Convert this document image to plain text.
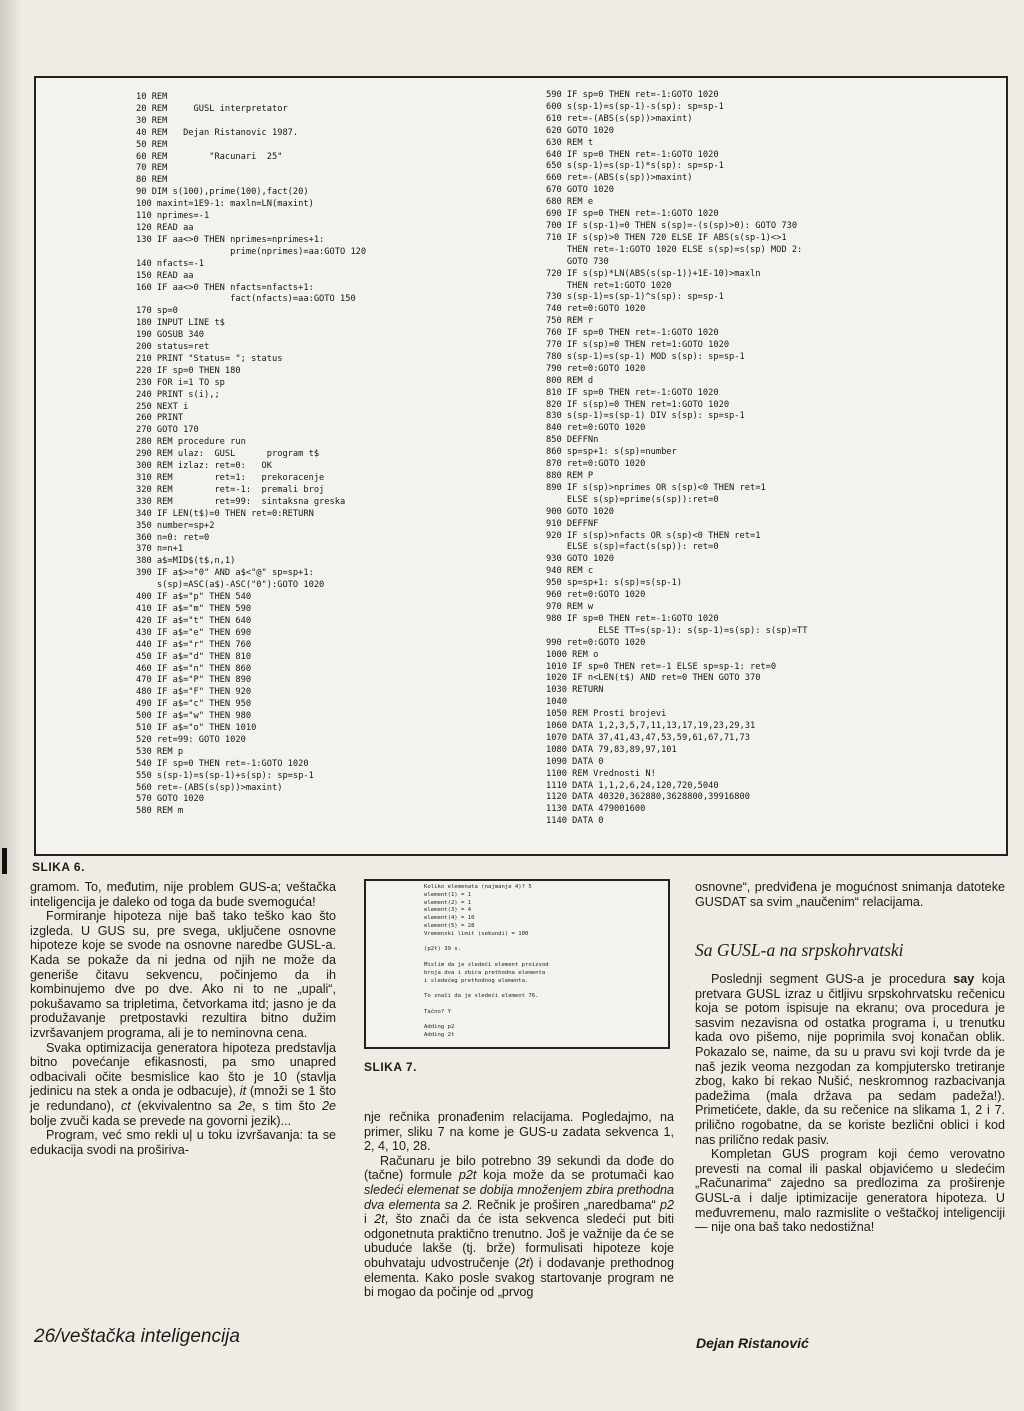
10 REM
20 REM     GUSL interpretator
30 REM
40 REM   Dejan Ristanovic 1987.
50 REM
60 REM        "Racunari  25"
70 REM
80 REM
90 DIM s(100),prime(100),fact(20)
100 maxint=1E9-1: maxln=LN(maxint)
110 nprimes=-1
120 READ aa
130 IF aa<>0 THEN nprimes=nprimes+1:
prime(nprimes)=aa:GOTO 120
140 nfacts=-1
150 READ aa
160 IF aa<>0 THEN nfacts=nfacts+1:
fact(nfacts)=aa:GOTO 150
170 sp=0
180 INPUT LINE t$
190 GOSUB 340
200 status=ret
210 PRINT "Status= "; status
220 IF sp=0 THEN 180
230 FOR i=1 TO sp
240 PRINT s(i),;
250 NEXT i
260 PRINT
270 GOTO 170
280 REM procedure run
290 REM ulaz:  GUSL      program t$
300 REM izlaz: ret=0:   OK
310 REM        ret=1:   prekoracenje
320 REM        ret=-1:  premali broj
330 REM        ret=99:  sintaksna greska
340 IF LEN(t$)=0 THEN ret=0:RETURN
350 number=sp+2
360 n=0: ret=0
370 n=n+1
380 a$=MID$(t$,n,1)
390 IF a$>="0" AND a$<"@" sp=sp+1:
s(sp)=ASC(a$)-ASC("0"):GOTO 1020
400 IF a$="p" THEN 540
410 IF a$="m" THEN 590
420 IF a$="t" THEN 640
430 IF a$="e" THEN 690
440 IF a$="r" THEN 760
450 IF a$="d" THEN 810
460 IF a$="n" THEN 860
470 IF a$="P" THEN 890
480 IF a$="F" THEN 920
490 IF a$="c" THEN 950
500 IF a$="w" THEN 980
510 IF a$="o" THEN 1010
520 ret=99: GOTO 1020
530 REM p
540 IF sp=0 THEN ret=-1:GOTO 1020
550 s(sp-1)=s(sp-1)+s(sp): sp=sp-1
560 ret=-(ABS(s(sp))>maxint)
570 GOTO 1020
580 REM m
590 IF sp=0 THEN ret=-1:GOTO 1020
600 s(sp-1)=s(sp-1)-s(sp): sp=sp-1
610 ret=-(ABS(s(sp))>maxint)
620 GOTO 1020
630 REM t
640 IF sp=0 THEN ret=-1:GOTO 1020
650 s(sp-1)=s(sp-1)*s(sp): sp=sp-1
660 ret=-(ABS(s(sp))>maxint)
670 GOTO 1020
680 REM e
690 IF sp=0 THEN ret=-1:GOTO 1020
700 IF s(sp-1)=0 THEN s(sp)=-(s(sp)>0): GOTO 730
710 IF s(sp)>0 THEN 720 ELSE IF ABS(s(sp-1)<>1
THEN ret=-1:GOTO 1020 ELSE s(sp)=s(sp) MOD 2:
GOTO 730
720 IF s(sp)*LN(ABS(s(sp-1))+1E-10)>maxln
THEN ret=1:GOTO 1020
730 s(sp-1)=s(sp-1)^s(sp): sp=sp-1
740 ret=0:GOTO 1020
750 REM r
760 IF sp=0 THEN ret=-1:GOTO 1020
770 IF s(sp)=0 THEN ret=1:GOTO 1020
780 s(sp-1)=s(sp-1) MOD s(sp): sp=sp-1
790 ret=0:GOTO 1020
800 REM d
810 IF sp=0 THEN ret=-1:GOTO 1020
820 IF s(sp)=0 THEN ret=1:GOTO 1020
830 s(sp-1)=s(sp-1) DIV s(sp): sp=sp-1
840 ret=0:GOTO 1020
850 DEFFNn
860 sp=sp+1: s(sp)=number
870 ret=0:GOTO 1020
880 REM P
890 IF s(sp)>nprimes OR s(sp)<0 THEN ret=1
ELSE s(sp)=prime(s(sp)):ret=0
900 GOTO 1020
910 DEFFNF
920 IF s(sp)>nfacts OR s(sp)<0 THEN ret=1
ELSE s(sp)=fact(s(sp)): ret=0
930 GOTO 1020
940 REM c
950 sp=sp+1: s(sp)=s(sp-1)
960 ret=0:GOTO 1020
970 REM w
980 IF sp=0 THEN ret=-1:GOTO 1020
ELSE TT=s(sp-1): s(sp-1)=s(sp): s(sp)=TT
990 ret=0:GOTO 1020
1000 REM o
1010 IF sp=0 THEN ret=-1 ELSE sp=sp-1: ret=0
1020 IF n<LEN(t$) AND ret=0 THEN GOTO 370
1030 RETURN
1040
1050 REM Prosti brojevi
1060 DATA 1,2,3,5,7,11,13,17,19,23,29,31
1070 DATA 37,41,43,47,53,59,61,67,71,73
1080 DATA 79,83,89,97,101
1090 DATA 0
1100 REM Vrednosti N!
1110 DATA 1,1,2,6,24,120,720,5040
1120 DATA 40320,362880,3628800,39916800
1130 DATA 479001600
1140 DATA 0
SLIKA 6.

gramom. To, međutim, nije problem GUS-a; veštačka inteligencija je daleko od toga da bude svemoguća!

Formiranje hipoteza nije baš tako teško kao što izgleda. U GUS su, pre svega, uključene osnovne hipoteze koje se svode na osnovne naredbe GUSL-a. Kada se pokaže da ni jedna od njih ne može da generiše čitavu sekvencu, počinjemo da ih kombinujemo dve po dve. Ako ni to ne „upali“, pokušavamo sa tripletima, četvorkama itd; jasno je da produžavanje pretpostavki rezultira bitno dužim izvršavanjem programa, ali je to neminovna cena.

Svaka optimizacija generatora hipoteza predstavlja bitno povećanje efikasnosti, pa smo unapred odbacivali očite besmislice kao što je 10 (stavlja jedinicu na stek a onda je odbacuje), it (množi se 1 što je redundano), ct (ekvivalentno sa 2e, s tim što 2e bolje zvuči kada se prevede na govorni jezik)...

Program, već smo rekli uļ u toku izvršavanja: ta se edukacija svodi na proširiva-

Koliko elemenata (najmanje 4)? 5
element(1) = 1
element(2) = 1
element(3) = 4
element(4) = 10
element(5) = 28
Vremenski limit (sekundi) = 100

(p2t) 39 s.

Mislim da je sledeći element proizvod
broja dva i zbira prethodna elementa
i sledećeg prethodnog elementa.

To znači da je sledeći element 76.

Tačno? Y

Adding p2
Adding 2t
SLIKA 7.

nje rečnika pronađenim relacijama. Pogledajmo, na primer, sliku 7 na kome je GUS-u zadata sekvenca 1, 2, 4, 10, 28.

Računaru je bilo potrebno 39 sekundi da dođe do (tačne) formule p2t koja može da se protumači kao sledeći elemenat se dobija množenjem zbira prethodna dva elementa sa 2. Rečnik je proširen „naredbama“ p2 i 2t, što znači da će ista sekvenca sledeći put biti odgonetnuta praktično trenutno. Još je važnije da će se ubuduće lakše (tj. brže) formulisati hipoteze koje obuhvataju udvostručenje (2t) i dodavanje prethodnog elementa. Kako posle svakog startovanje program ne bi mogao da počinje od „prvog

osnovne“, predviđena je mogućnost snimanja datoteke GUSDAT sa svim „naučenim“ relacijama.

Sa GUSL-a na srpskohrvatski

Poslednji segment GUS-a je procedura say koja pretvara GUSL izraz u čitljivu srpskohrvatsku rečenicu koja se potom ispisuje na ekranu; ova procedura je sasvim nezavisna od ostatka programa i, u trenutku kada ovo pišemo, nije poprimila svoj konačan oblik. Pokazalo se, naime, da su u pravu svi koji tvrde da je naš jezik veoma nezgodan za kompjutersko tretiranje zbog, kako bi rekao Nušić, neskromnog razbacivanja padežima (mala država pa sedam padeža!). Primetićete, dakle, da su rečenice na slikama 1, 2 i 7. prilično rogobatne, da se koriste bezlični oblici i kod nas prilično redak pasiv.

Kompletan GUS program koji ćemo verovatno prevesti na comal ili paskal objavićemo u sledećim „Računarima“ zajedno sa predlozima za proširenje GUSL-a i dalje iptimizacije generatora hipoteza. U međuvremenu, malo razmislite o veštačkoj inteligenciji — nije ona baš tako nedostižna!

26/veštačka inteligencija	Dejan Ristanović
